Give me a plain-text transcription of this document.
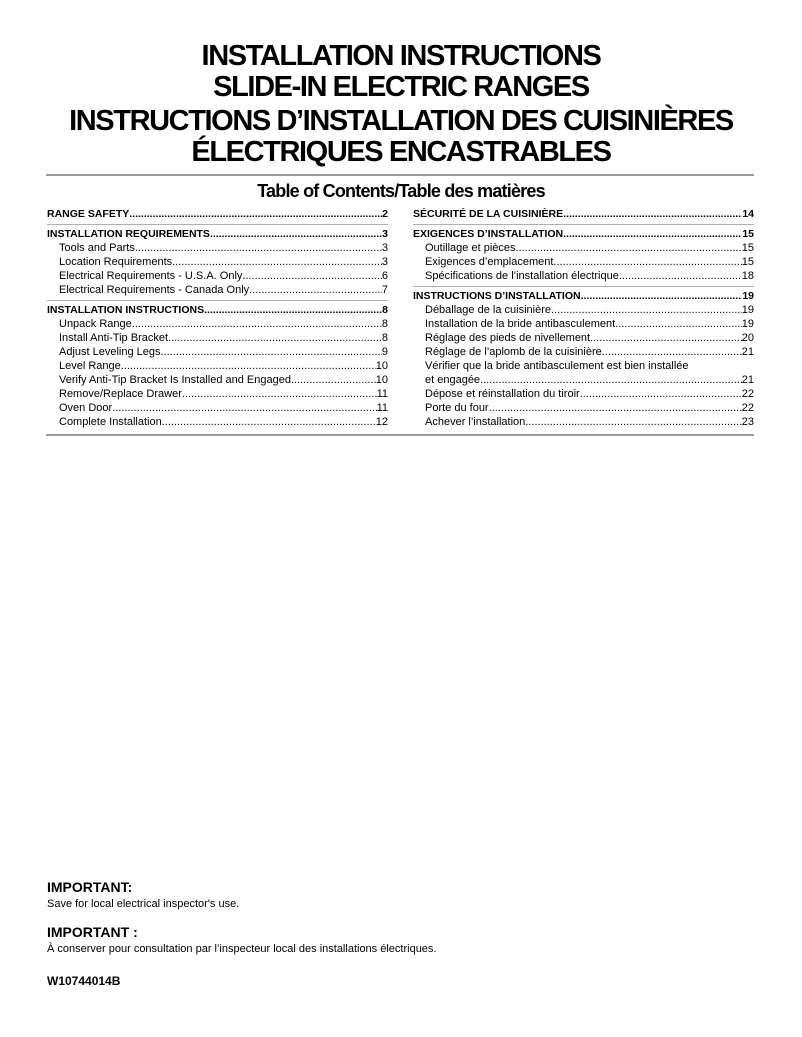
INSTALLATION INSTRUCTIONS
SLIDE-IN ELECTRIC RANGES
INSTRUCTIONS D’INSTALLATION DES CUISINIÈRES
ÉLECTRIQUES ENCASTRABLES
Table of Contents/Table des matières
RANGE SAFETY .....	2
INSTALLATION REQUIREMENTS .....	3
Tools and Parts .....	3
Location Requirements .....	3
Electrical Requirements - U.S.A. Only .....	6
Electrical Requirements - Canada Only .....	7
INSTALLATION INSTRUCTIONS .....	8
Unpack Range .....	8
Install Anti-Tip Bracket .....	8
Adjust Leveling Legs .....	9
Level Range .....	10
Verify Anti-Tip Bracket Is Installed and Engaged .....	10
Remove/Replace Drawer .....	11
Oven Door .....	11
Complete Installation .....	12
SÉCURITÉ DE LA CUISINIÈRE .....	14
EXIGENCES D’INSTALLATION .....	15
Outillage et pièces .....	15
Exigences d’emplacement .....	15
Spécifications de l’installation électrique .....	18
INSTRUCTIONS D’INSTALLATION .....	19
Déballage de la cuisinière .....	19
Installation de la bride antibasculement .....	19
Réglage des pieds de nivellement .....	20
Réglage de l’aplomb de la cuisinière .....	21
Vérifier que la bride antibasculement est bien installée
et engagée .....	21
Dépose et réinstallation du tiroir .....	22
Porte du four .....	22
Achever l’installation .....	23
IMPORTANT:
Save for local electrical inspector's use.
IMPORTANT :
À conserver pour consultation par l’inspecteur local des installations électriques.
W10744014B
